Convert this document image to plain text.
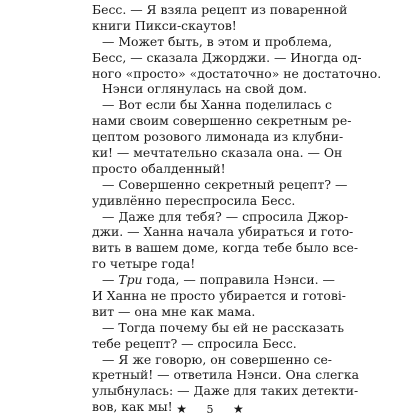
Бесс. — Я взяла рецепт из поваренной
книги Пикси-скаутов!
— Может быть, в этом и проблема,
Бесс, — сказала Джорджи. — Иногда од-
ного «просто» «достаточно» не достаточно.
Нэнси оглянулась на свой дом.
— Вот если бы Ханна поделилась с
нами своим совершенно секретным ре-
цептом розового лимонада из клубни-
ки! — мечтательно сказала она. — Он
просто обалденный!
— Совершенно секретный рецепт? —
удивлённо переспросила Бесс.
— Даже для тебя? — спросила Джор-
джи. — Ханна начала убираться и гото-
вить в вашем доме, когда тебе было все-
го четыре года!
— Три года, — поправила Нэнси. —
И Ханна не просто убирается и готові-
вит — она мне как мама.
— Тогда почему бы ей не рассказать
тебе рецепт? — спросила Бесс.
— Я же говорю, он совершенно се-
кретный! — ответила Нэнси. Она слегка
улыбнулась: — Даже для таких детекти-
вов, как мы! ★ 5 ★
